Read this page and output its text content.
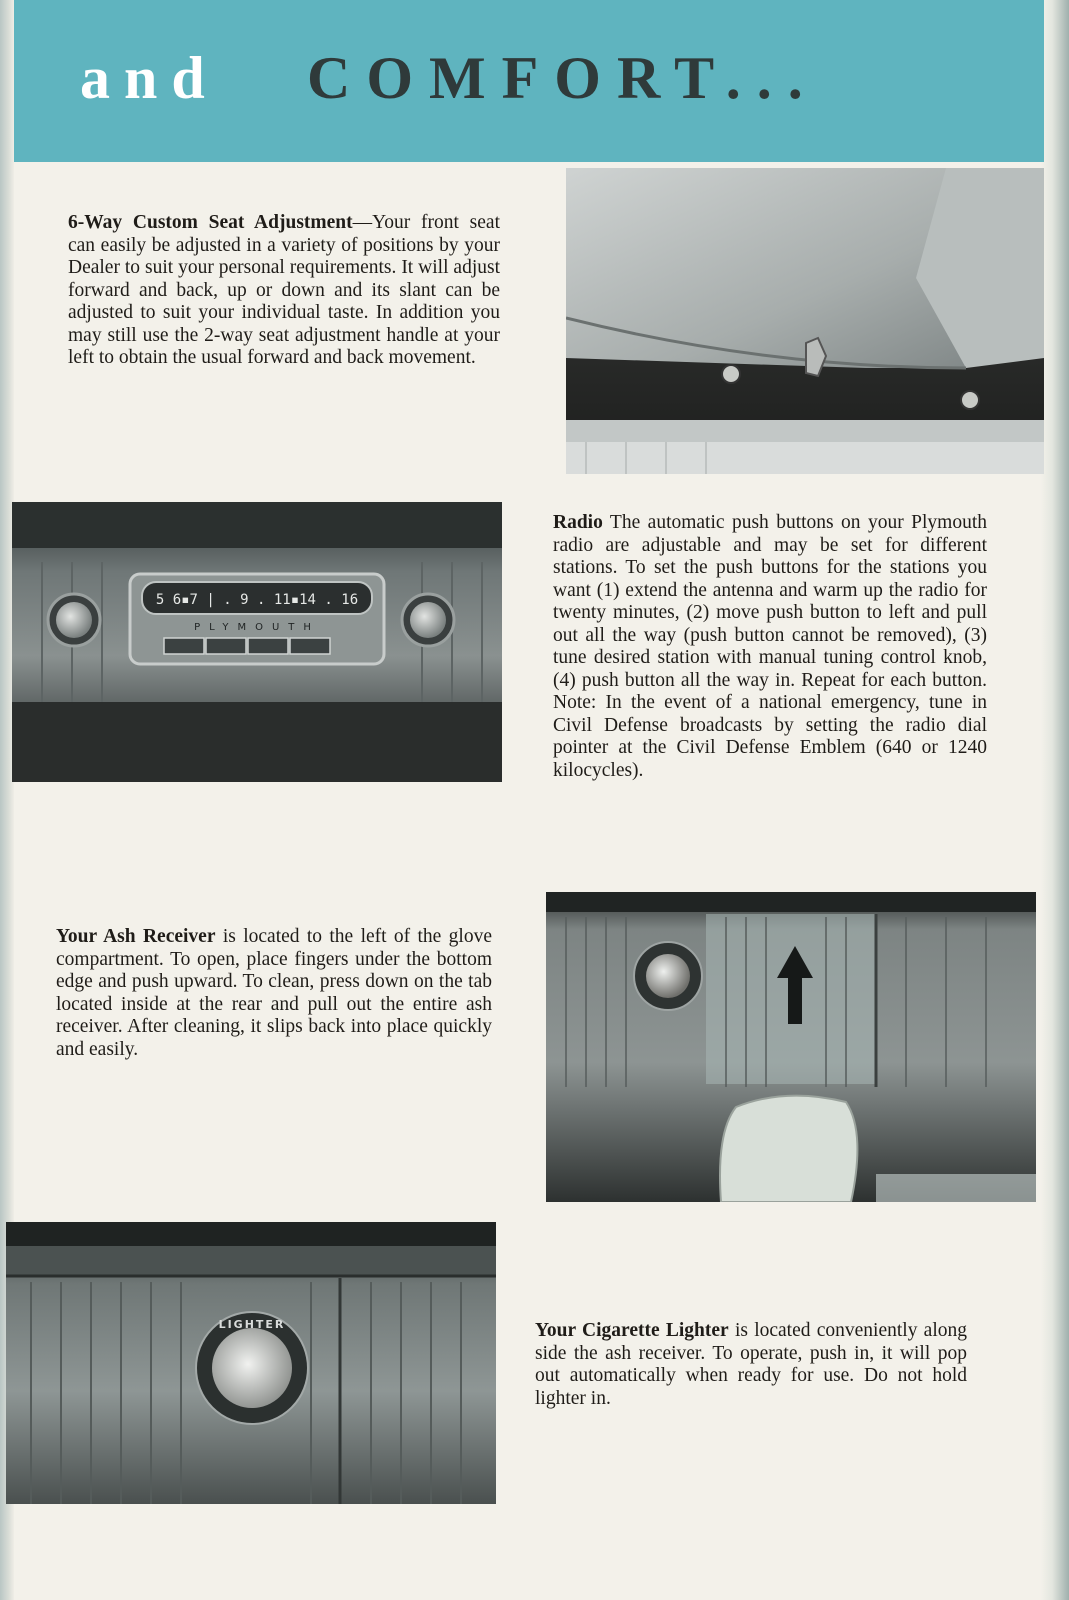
and COMFORT...
6-Way Custom Seat Adjustment—Your front seat can easily be adjusted in a variety of positions by your Dealer to suit your personal requirements. It will adjust forward and back, up or down and its slant can be adjusted to suit your individual taste. In addition you may still use the 2-way seat adjustment handle at your left to obtain the usual forward and back movement.
5 6▪7 | . 9 . 11▪14 . 16
PLYMOUTH
Radio The automatic push buttons on your Plymouth radio are adjustable and may be set for different stations. To set the push buttons for the stations you want (1) extend the antenna and warm up the radio for twenty minutes, (2) move push button to left and pull out all the way (push button cannot be removed), (3) tune desired station with manual tuning control knob, (4) push button all the way in. Repeat for each button. Note: In the event of a national emergency, tune in Civil Defense broadcasts by setting the radio dial pointer at the Civil Defense Emblem (640 or 1240 kilocycles).
Your Ash Receiver is located to the left of the glove compartment. To open, place fingers under the bottom edge and push upward. To clean, press down on the tab located inside at the rear and pull out the entire ash receiver. After cleaning, it slips back into place quickly and easily.
LIGHTER	Your Cigarette Lighter is located conveniently along side the ash receiver. To operate, push in, it will pop out automatically when ready for use. Do not hold lighter in.
